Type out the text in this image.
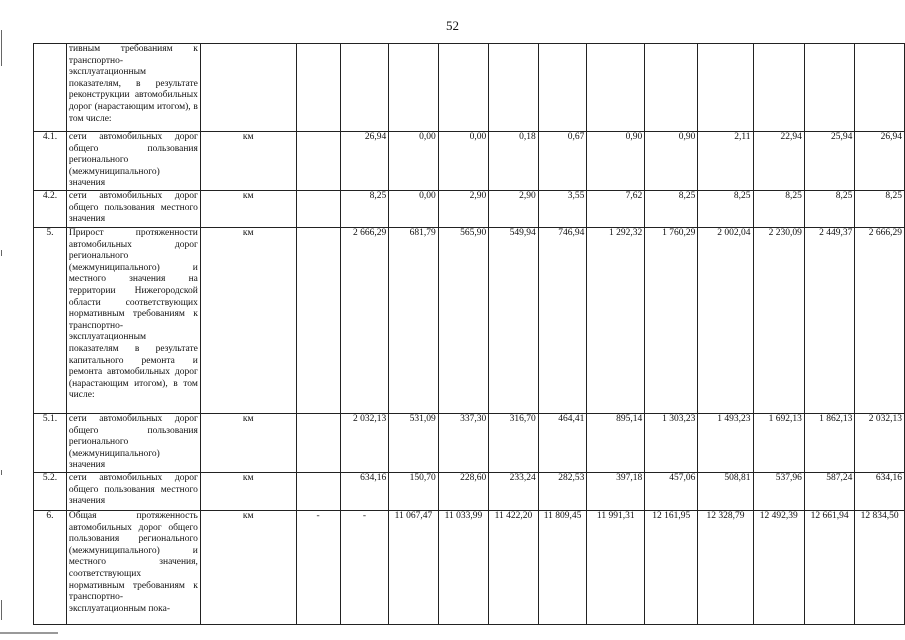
52
	тивным требованиям к транспортно-эксплуатационным показателям, в результате реконструкции автомобильных дорог (нарастающим итогом), в том числе:													
4.1.	сети автомобильных дорог общего пользования регионального (межмуниципального) значения	км		26,94	0,00	0,00	0,18	0,67	0,90	0,90	2,11	22,94	25,94	26,94
4.2.	сети автомобильных дорог общего пользования местного значения	км		8,25	0,00	2,90	2,90	3,55	7,62	8,25	8,25	8,25	8,25	8,25
5.	Прирост протяженности автомобильных дорог регионального (межмуниципального) и местного значения на территории Нижегородской области соответствующих нормативным требованиям к транспортно-эксплуатационным показателям в результате капитального ремонта и ремонта автомобильных дорог (нарастающим итогом), в том числе:	км		2 666,29	681,79	565,90	549,94	746,94	1 292,32	1 760,29	2 002,04	2 230,09	2 449,37	2 666,29
5.1.	сети автомобильных дорог общего пользования регионального (межмуниципального) значения	км		2 032,13	531,09	337,30	316,70	464,41	895,14	1 303,23	1 493,23	1 692,13	1 862,13	2 032,13
5.2.	сети автомобильных дорог общего пользования местного значения	км		634,16	150,70	228,60	233,24	282,53	397,18	457,06	508,81	537,96	587,24	634,16
6.	Общая протяженность автомобильных дорог общего пользования регионального (межмуниципального) и местного значения, соответствующих нормативным требованиям к транспортно-эксплуатационным пока-	км	-	-	11 067,47	11 033,99	11 422,20	11 809,45	11 991,31	12 161,95	12 328,79	12 492,39	12 661,94	12 834,50
